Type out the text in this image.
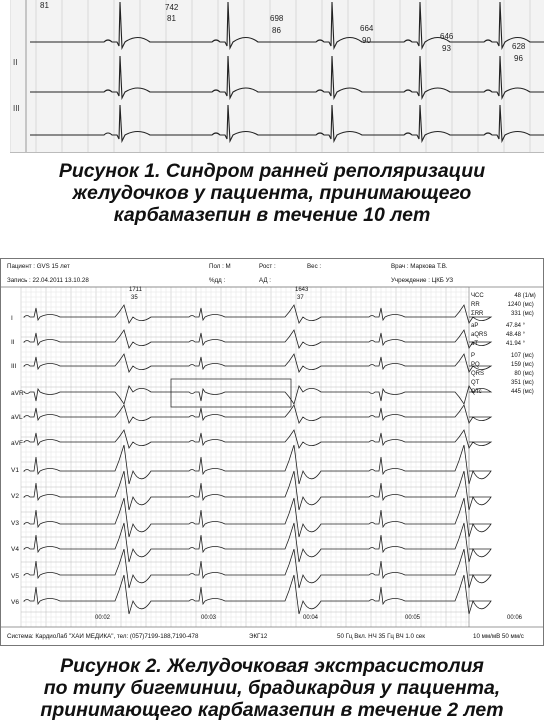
81	742
81	698
86	664
90	646
93	628
96
II
III
Рисунок 1. Синдром ранней реполяризации
желудочков у пациента, принимающего
карбамазепин в течение 10 лет
Пациент : GVS 15 лет	Пол : М	Рост :	Вес :	Врач : Маркова Т.В.
Запись : 22.04.2011 13.10.28	%дд :	АД :	Учреждение : ЦКБ УЗ
1711
35
1643
37	ЧСС	48 (1/м)
RR	1240 (мс)
ΣRR	331 (мс)
aP	47.84 °
aQRS	48.48 °
aT	41.94 °
P	107 (мс)
PQ	159 (мс)
QRS	80 (мс)
QT	351 (мс)
QTc	445 (мс)
I
II
III
aVR
aVL
aVF
V1
V2
V3
V4
V5
V6
00:02	00:03	00:04	00:05	00:06
Система: КардиоЛаб "ХАИ МЕДИКА", тел: (057)7199-188,7190-478	ЭКГ12	50 Гц Вкл. НЧ 35 Гц ВЧ 1.0 сек	10 мм/мВ 50 мм/с
Рисунок 2. Желудочковая экстрасистолия
по типу бигеминии, брадикардия у пациента,
принимающего карбамазепин в течение 2 лет
